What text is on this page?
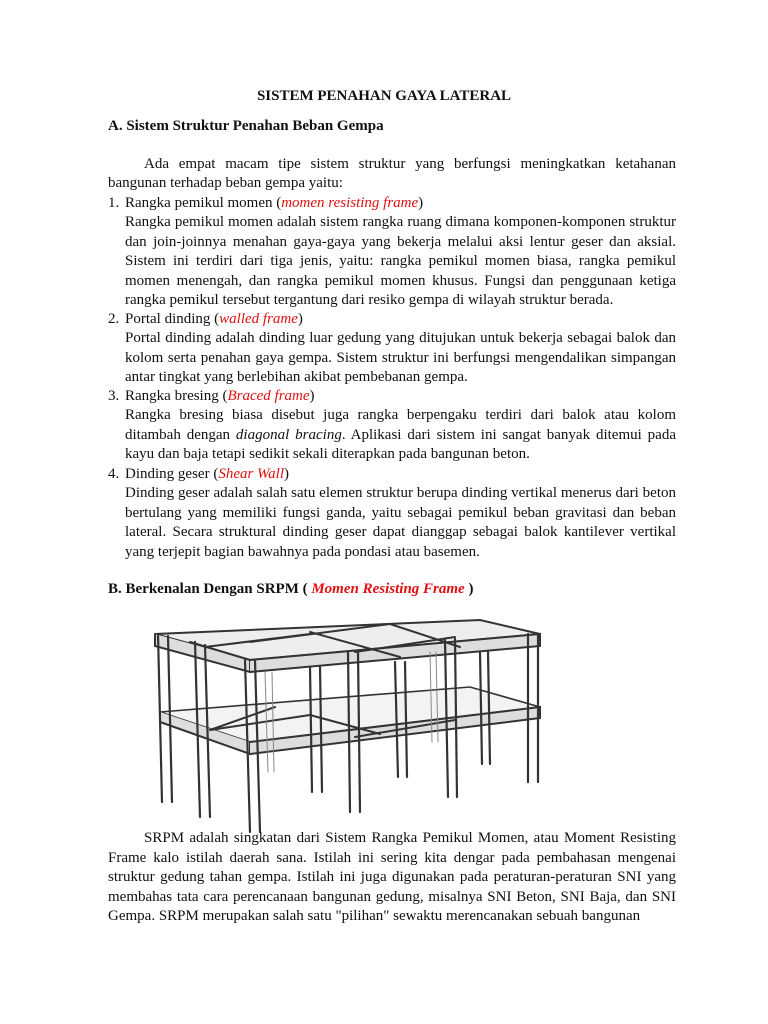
SISTEM PENAHAN GAYA LATERAL
A. Sistem Struktur Penahan Beban Gempa
Ada empat macam tipe sistem struktur yang berfungsi meningkatkan ketahanan bangunan terhadap beban gempa yaitu:
1. Rangka pemikul momen (momen resisting frame)
Rangka pemikul momen adalah sistem rangka ruang dimana komponen-komponen struktur dan join-joinnya menahan gaya-gaya yang bekerja melalui aksi lentur geser dan aksial. Sistem ini terdiri dari tiga jenis, yaitu: rangka pemikul momen biasa, rangka pemikul momen menengah, dan rangka pemikul momen khusus. Fungsi dan penggunaan ketiga rangka pemikul tersebut tergantung dari resiko gempa di wilayah struktur berada.
2. Portal dinding (walled frame)
Portal dinding adalah dinding luar gedung yang ditujukan untuk bekerja sebagai balok dan kolom serta penahan gaya gempa. Sistem struktur ini berfungsi mengendalikan simpangan antar tingkat yang berlebihan akibat pembebanan gempa.
3. Rangka bresing (Braced frame)
Rangka bresing biasa disebut juga rangka berpengaku terdiri dari balok atau kolom ditambah dengan diagonal bracing. Aplikasi dari sistem ini sangat banyak ditemui pada kayu dan baja tetapi sedikit sekali diterapkan pada bangunan beton.
4. Dinding geser (Shear Wall)
Dinding geser adalah salah satu elemen struktur berupa dinding vertikal menerus dari beton bertulang yang memiliki fungsi ganda, yaitu sebagai pemikul beban gravitasi dan beban lateral. Secara struktural dinding geser dapat dianggap sebagai balok kantilever vertikal yang terjepit bagian bawahnya pada pondasi atau basemen.
B. Berkenalan Dengan SRPM ( Momen Resisting Frame )
SRPM adalah singkatan dari Sistem Rangka Pemikul Momen, atau Moment Resisting Frame kalo istilah daerah sana. Istilah ini sering kita dengar pada pembahasan mengenai struktur gedung tahan gempa. Istilah ini juga digunakan pada peraturan-peraturan SNI yang membahas tata cara perencanaan bangunan gedung, misalnya SNI Beton, SNI Baja, dan SNI Gempa. SRPM merupakan salah satu "pilihan" sewaktu merencanakan sebuah bangunan
